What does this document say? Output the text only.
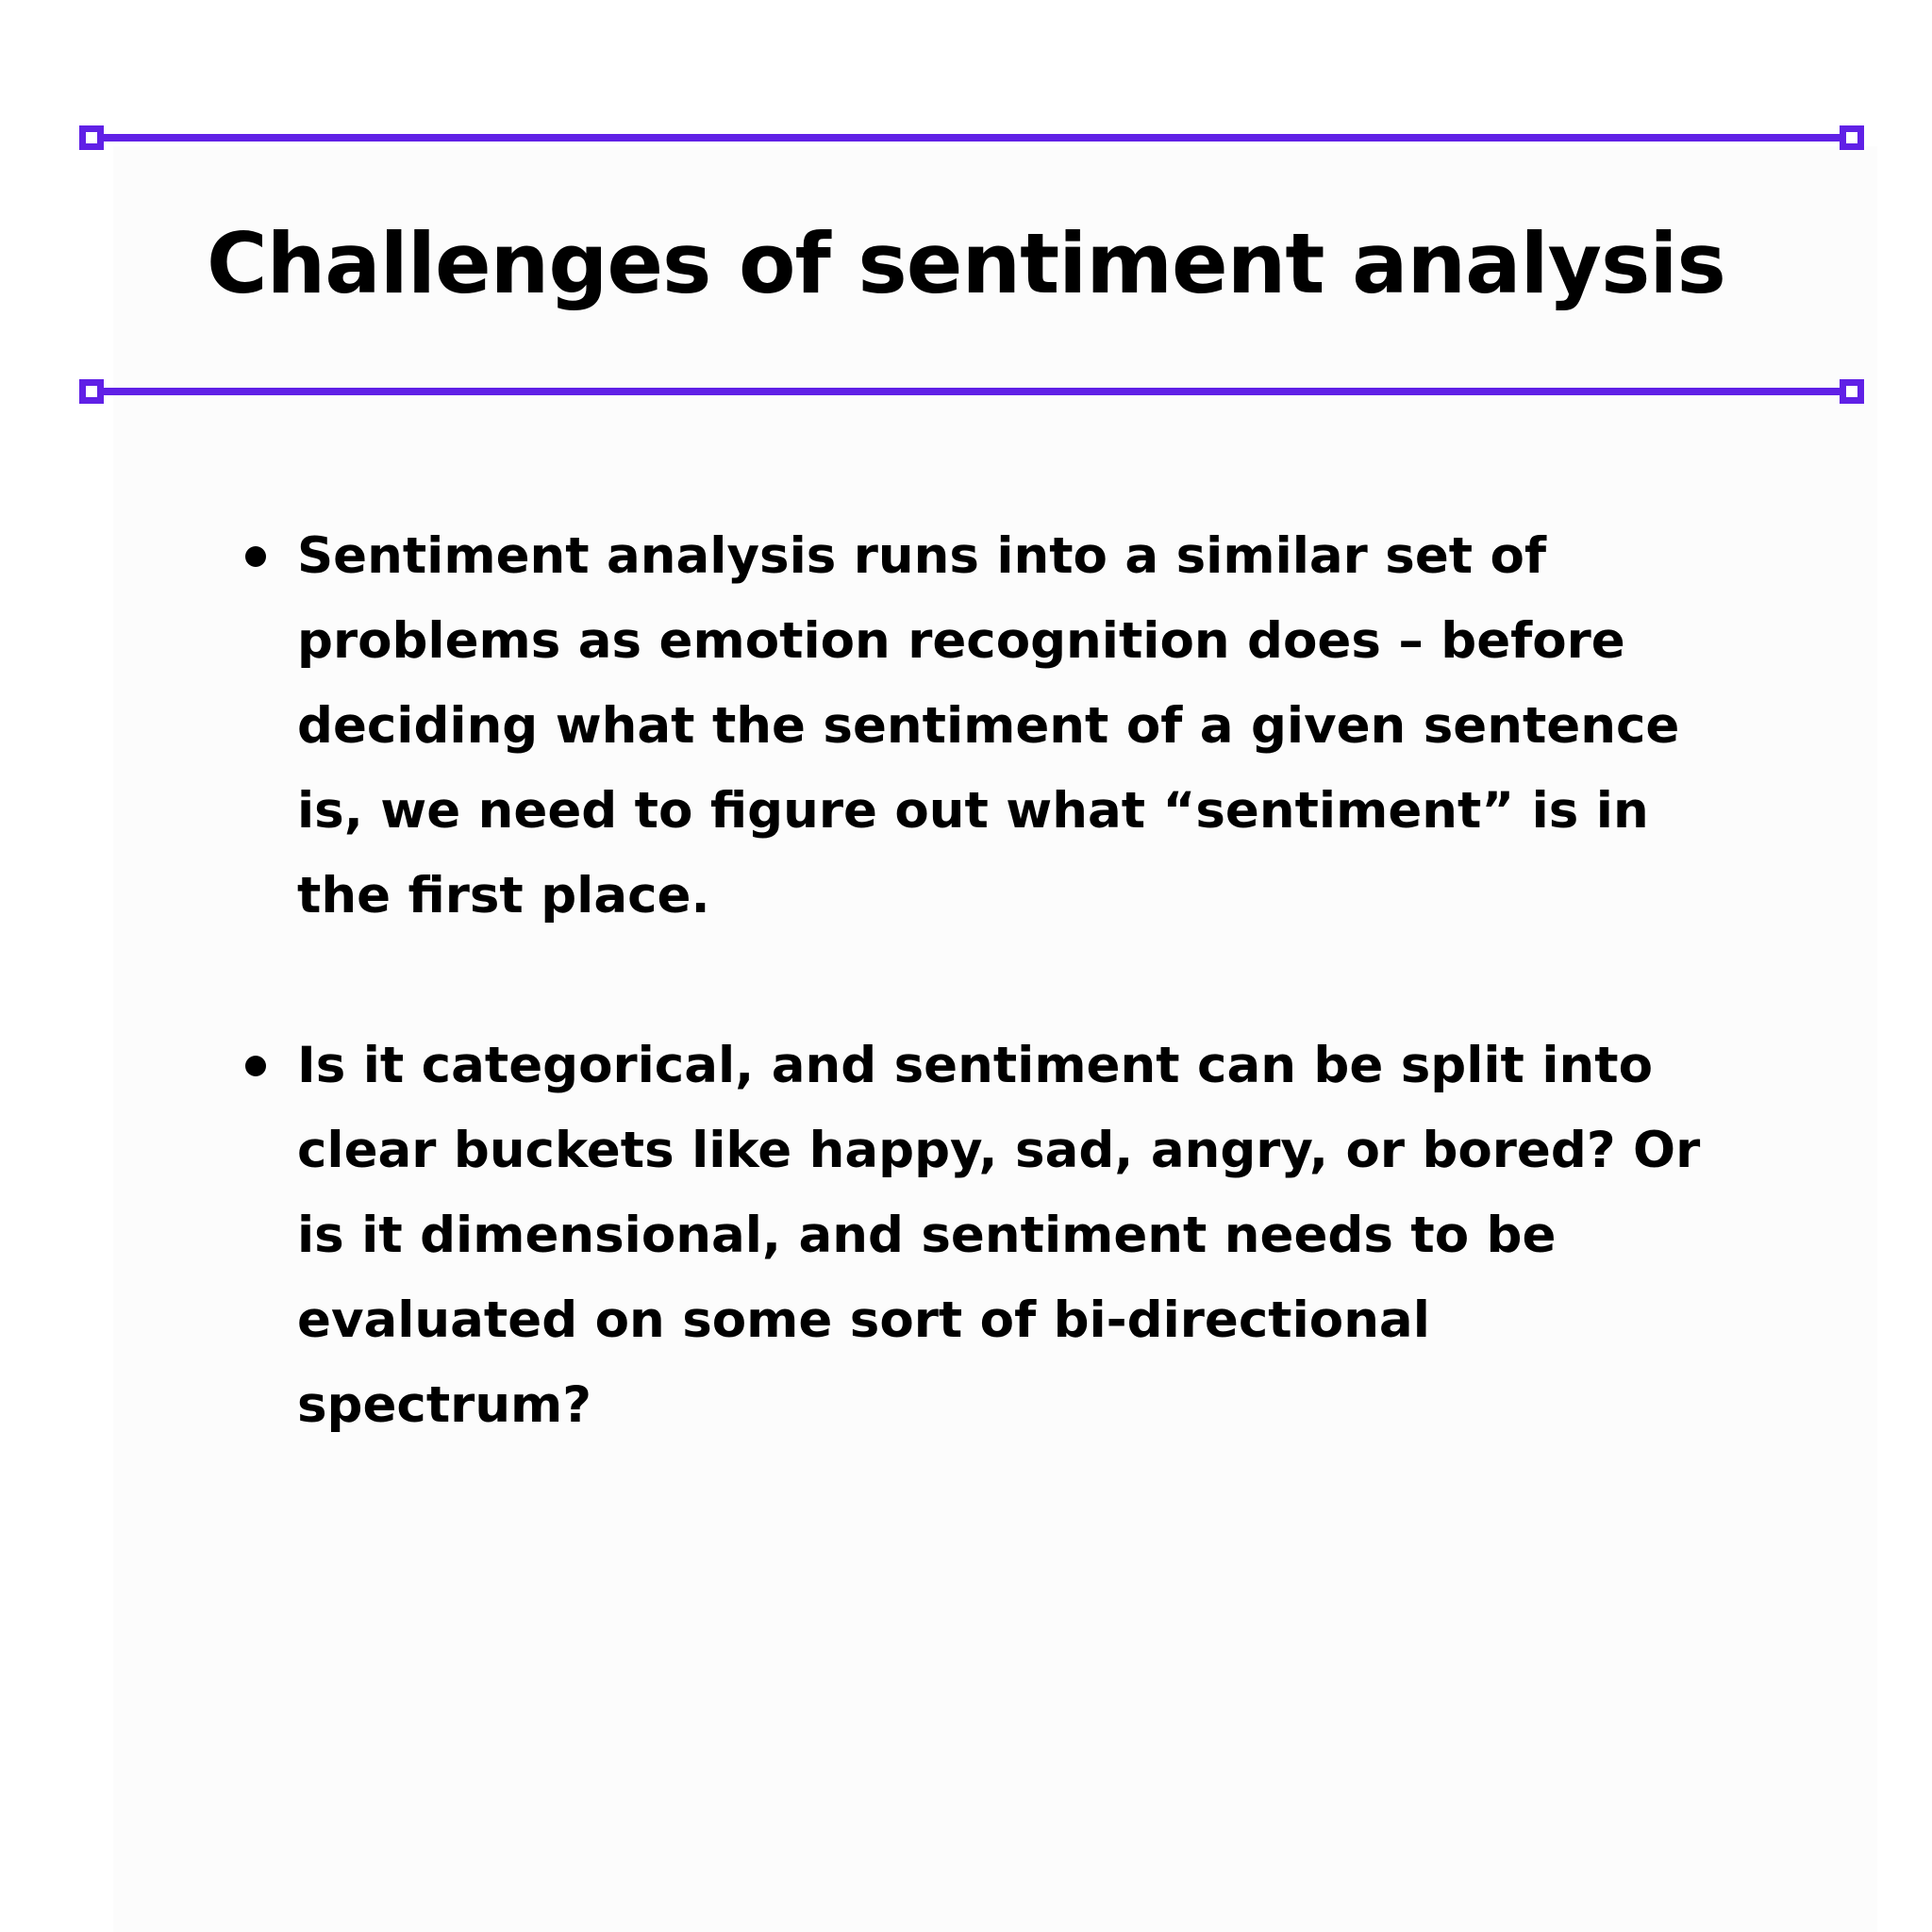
Challenges of sentiment analysis
Sentiment analysis runs into a similar set of problems as emotion recognition does – before deciding what the sentiment of a given sentence is, we need to figure out what “sentiment” is in the first place.
Is it categorical, and sentiment can be split into clear buckets like happy, sad, angry, or bored? Or is it dimensional, and sentiment needs to be evaluated on some sort of bi-directional spectrum?
